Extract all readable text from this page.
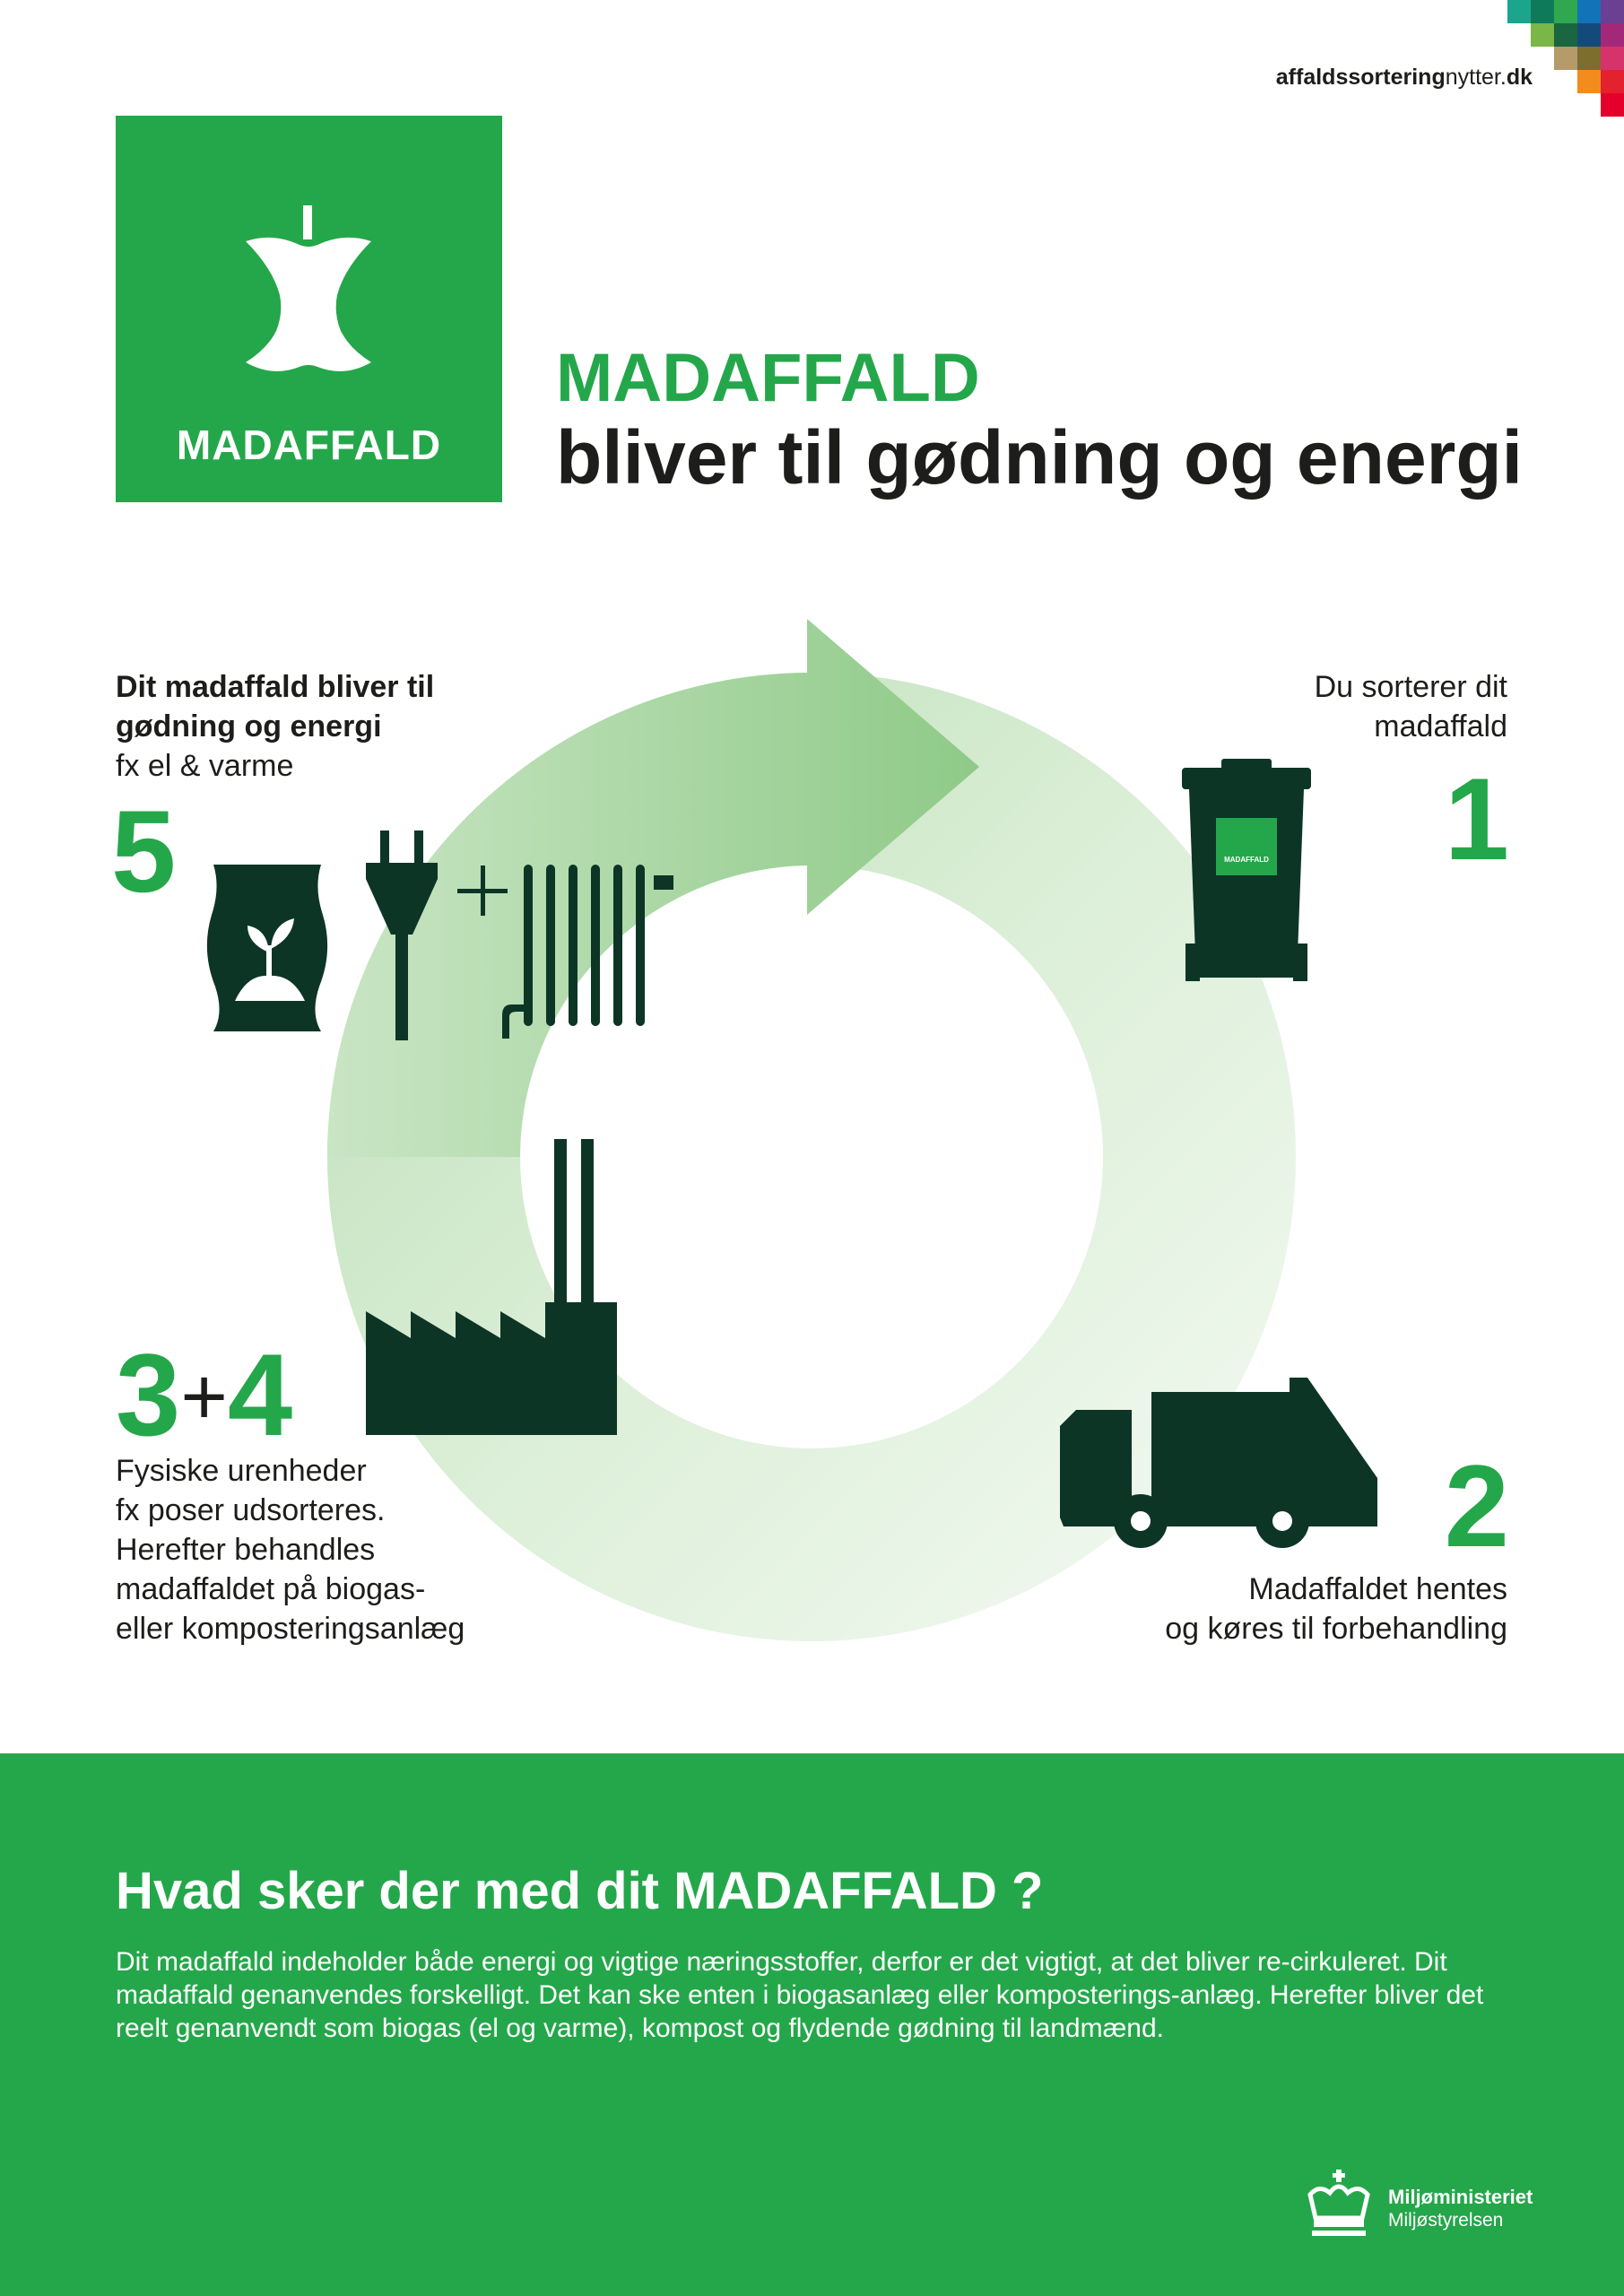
affaldssorteringnytter.dk
MADAFFALD
MADAFFALD
bliver til gødning og energi
Du sorterer dit
madaffald
1
MADAFFALD
2
Madaffaldet hentes
og køres til forbehandling
3+4
Fysiske urenheder
fx poser udsorteres.
Herefter behandles
madaffaldet på biogas-
eller komposteringsanlæg
Dit madaffald bliver til
gødning og energi
fx el & varme
5
Hvad sker der med dit MADAFFALD ?
Dit madaffald indeholder både energi og vigtige næringsstoffer, derfor er det vigtigt, at det bliver re-cirkuleret. Dit madaffald genanvendes forskelligt. Det kan ske enten i biogasanlæg eller komposterings-anlæg. Herefter bliver det reelt genanvendt som biogas (el og varme), kompost og flydende gødning til landmænd.
Miljøministeriet
Miljøstyrelsen
